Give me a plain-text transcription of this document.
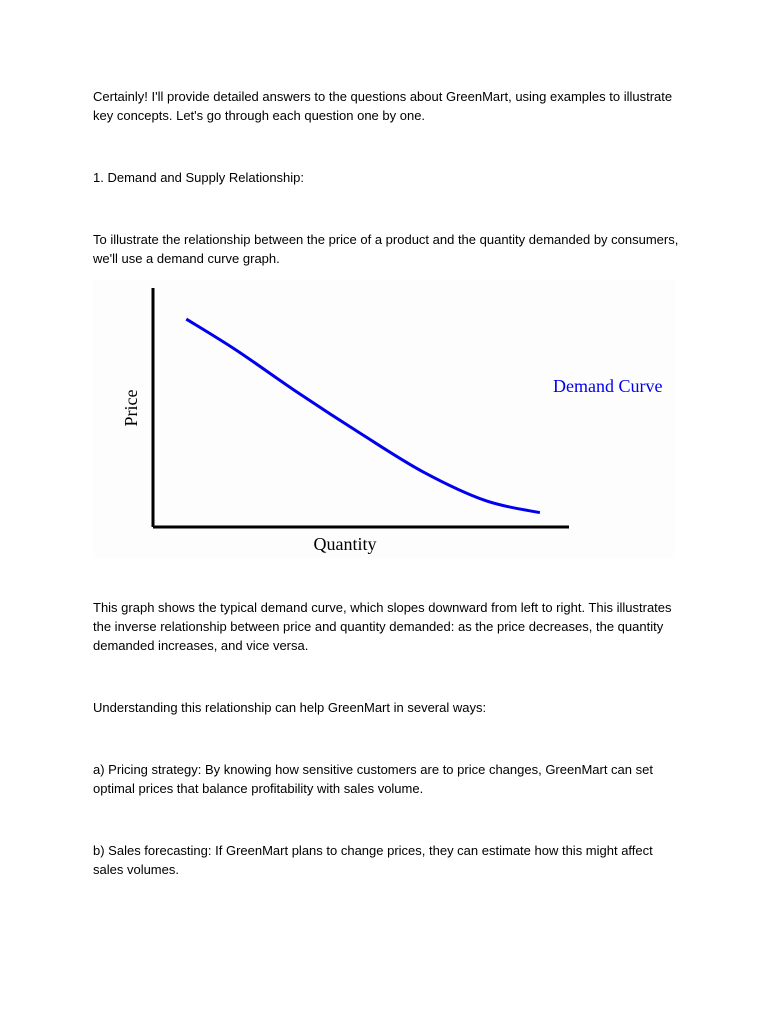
Certainly! I'll provide detailed answers to the questions about GreenMart, using examples to illustrate key concepts. Let's go through each question one by one.

1. Demand and Supply Relationship:

To illustrate the relationship between the price of a product and the quantity demanded by consumers, we'll use a demand curve graph.

Demand Curve
Price
Quantity

This graph shows the typical demand curve, which slopes downward from left to right. This illustrates the inverse relationship between price and quantity demanded: as the price decreases, the quantity demanded increases, and vice versa.

Understanding this relationship can help GreenMart in several ways:

a) Pricing strategy: By knowing how sensitive customers are to price changes, GreenMart can set optimal prices that balance profitability with sales volume.

b) Sales forecasting: If GreenMart plans to change prices, they can estimate how this might affect sales volumes.
